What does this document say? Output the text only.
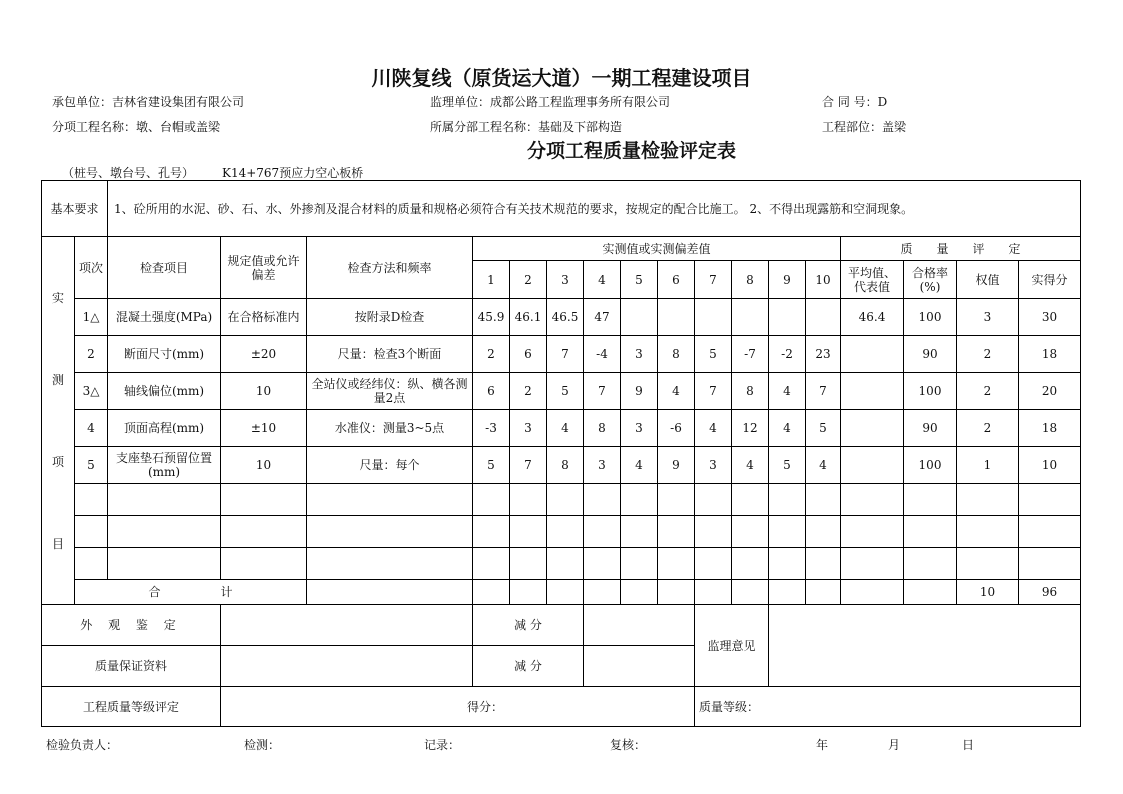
川陕复线（原货运大道）一期工程建设项目
承包单位：吉林省建设集团有限公司	监理单位：成都公路工程监理事务所有限公司	合 同 号：D
分项工程名称：墩、台帽或盖梁	所属分部工程名称：基础及下部构造	工程部位：盖梁
分项工程质量检验评定表
（桩号、墩台号、孔号） K14+767预应力空心板桥
基本要求		1、砼所用的水泥、砂、石、水、外掺剂及混合材料的质量和规格必须符合有关技术规范的要求，按规定的配合比施工。 2、不得出现露筋和空洞现象。																

实
测
项
目	项次	检查项目	规定值或允许偏差	检查方法和频率	实测值或实测偏差值										质　　量　　评　　定			
					1	2	3	4	5	6	7	8	9	10	平均值、代表值	合格率(%)	权值	实得分
	1△	混凝土强度(MPa)	在合格标准内	按附录D检查	45.9	46.1	46.5	47							46.4	100	3	30
	2	断面尺寸(mm)	±20	尺量：检查3个断面	2	6	7	-4	3	8	5	-7	-2	23		90	2	18
	3△	轴线偏位(mm)	10	全站仪或经纬仪：纵、横各测量2点	6	2	5	7	9	4	7	8	4	7		100	2	20
	4	顶面高程(mm)	±10	水准仪：测量3~5点	-3	3	4	8	3	-6	4	12	4	5		90	2	18
	5	支座垫石预留位置(mm)	10	尺量：每个	5	7	8	3	4	9	3	4	5	4		100	1	10

	合 计																10	96
外 观 鉴 定					减 分						监理意见							
质量保证资料					减 分													
工程质量等级评定			得分：								质量等级：							
检验负责人：	检测：	记录：	复核：	年	月	日
